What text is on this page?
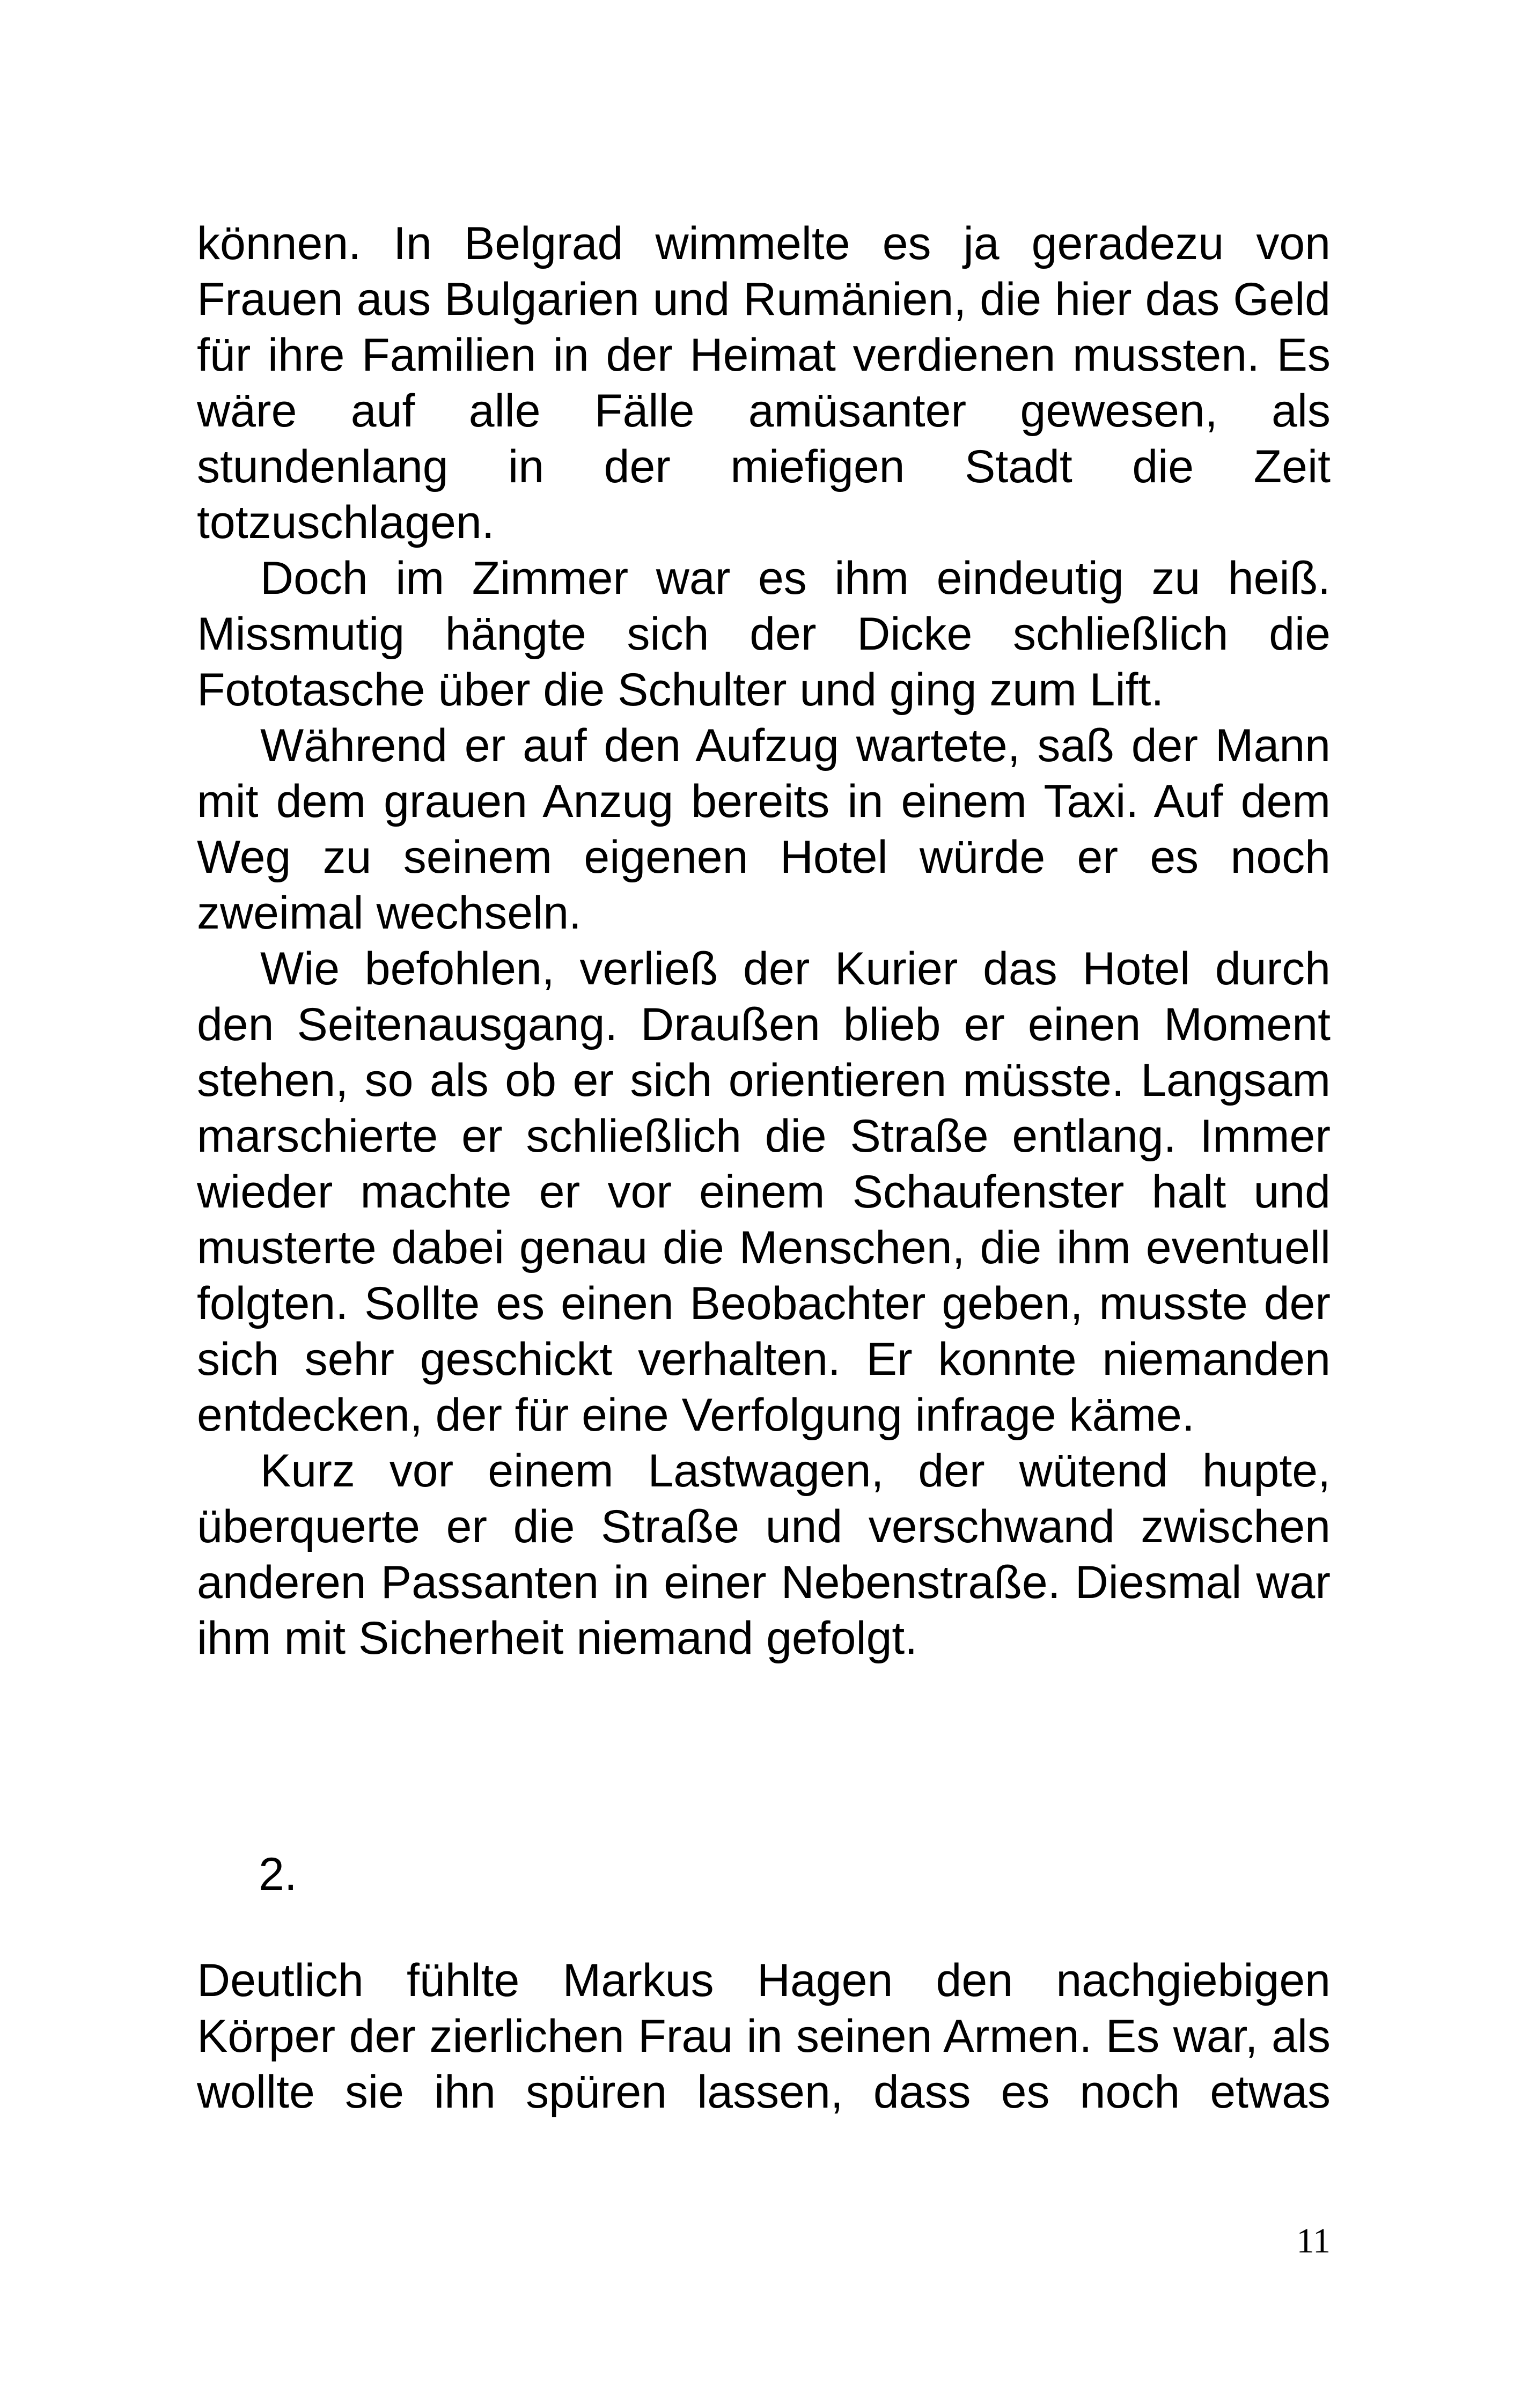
können. In Belgrad wimmelte es ja geradezu von Frauen aus Bulgarien und Rumänien, die hier das Geld für ihre Familien in der Heimat verdienen mussten. Es wäre auf alle Fälle amüsanter gewesen, als stundenlang in der miefigen Stadt die Zeit totzuschlagen.

Doch im Zimmer war es ihm eindeutig zu heiß. Missmutig hängte sich der Dicke schließlich die Fototasche über die Schulter und ging zum Lift.

Während er auf den Aufzug wartete, saß der Mann mit dem grauen Anzug bereits in einem Taxi. Auf dem Weg zu seinem eigenen Hotel würde er es noch zweimal wechseln.

Wie befohlen, verließ der Kurier das Hotel durch den Seitenausgang. Draußen blieb er einen Moment stehen, so als ob er sich orientieren müsste. Langsam marschierte er schließlich die Straße entlang. Immer wieder machte er vor einem Schaufenster halt und musterte dabei genau die Menschen, die ihm eventuell folgten. Sollte es einen Beobachter geben, musste der sich sehr geschickt verhalten. Er konnte niemanden entdecken, der für eine Verfolgung infrage käme.

Kurz vor einem Lastwagen, der wütend hupte, überquerte er die Straße und verschwand zwischen anderen Passanten in einer Nebenstraße. Diesmal war ihm mit Sicherheit niemand gefolgt.

2.

Deutlich fühlte Markus Hagen den nachgiebigen Körper der zierlichen Frau in seinen Armen. Es war, als wollte sie ihn spüren lassen, dass es noch etwas

11
